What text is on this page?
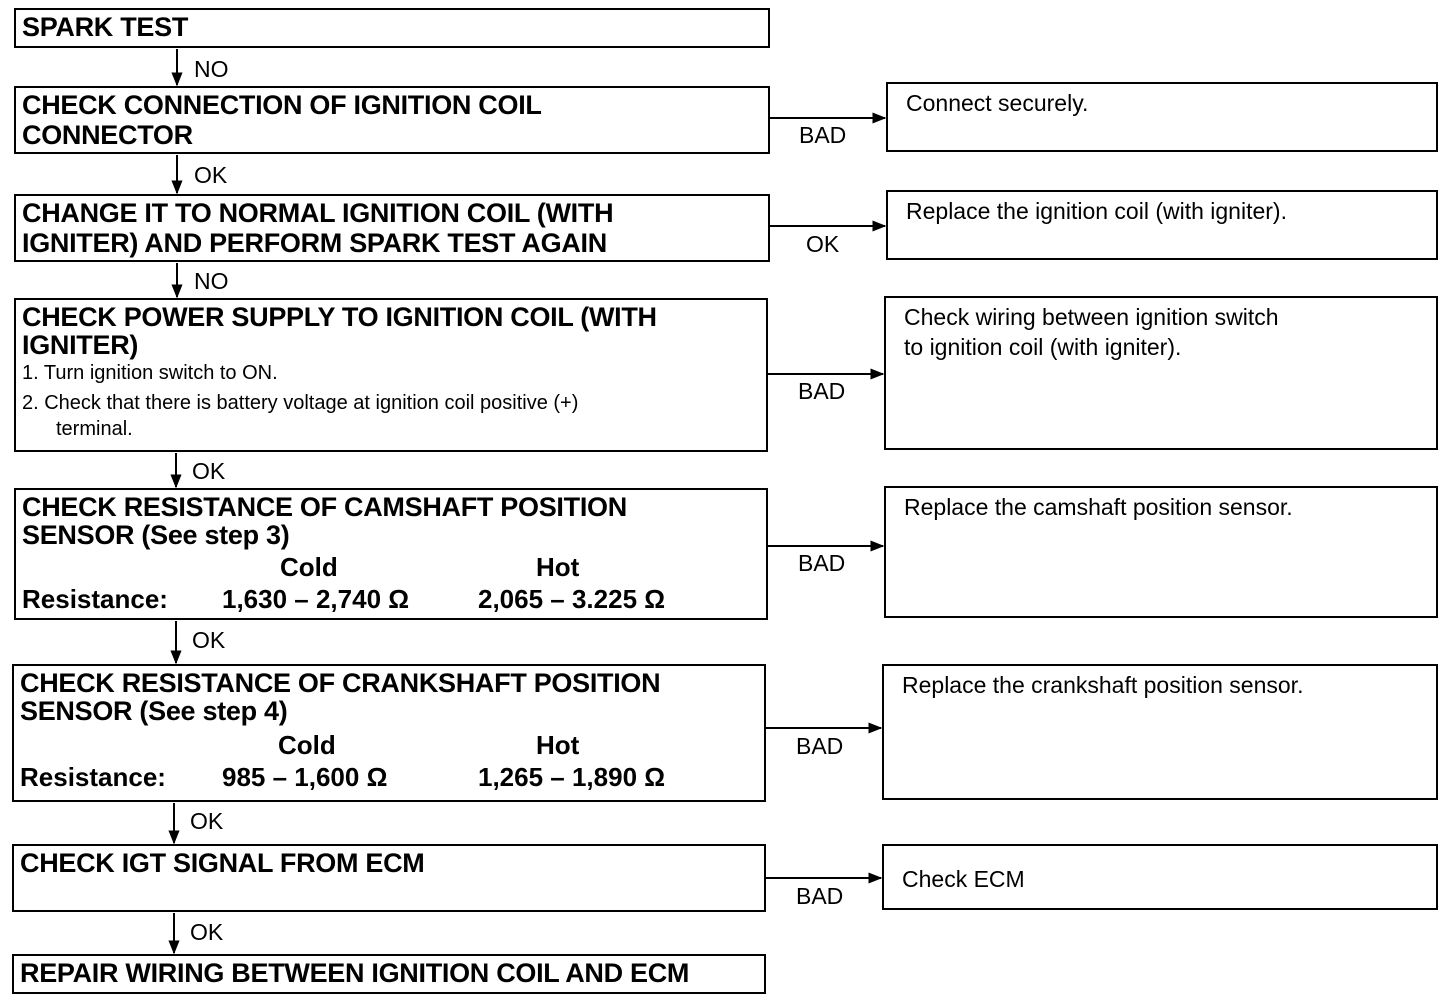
SPARK TEST
CHECK CONNECTION OF IGNITION COIL
CONNECTOR
CHANGE IT TO NORMAL IGNITION COIL (WITH
IGNITER) AND PERFORM SPARK TEST AGAIN
CHECK POWER SUPPLY TO IGNITION COIL (WITH
IGNITER)
1. Turn ignition switch to ON.
2. Check that there is battery voltage at ignition coil positive (+)
terminal.
CHECK RESISTANCE OF CAMSHAFT POSITION
SENSOR (See step 3)
Cold	Hot
Resistance: 1,630 – 2,740 Ω	2,065 – 3.225 Ω
CHECK RESISTANCE OF CRANKSHAFT POSITION
SENSOR (See step 4)
Cold	Hot
Resistance: 985 – 1,600 Ω	1,265 – 1,890 Ω
CHECK IGT SIGNAL FROM ECM
REPAIR WIRING BETWEEN IGNITION COIL AND ECM
Connect securely.
Replace the ignition coil (with igniter).
Check wiring between ignition switch
to ignition coil (with igniter).
Replace the camshaft position sensor.
Replace the crankshaft position sensor.
Check ECM
NO
OK
NO
OK
OK
OK
OK
BAD
OK
BAD
BAD
BAD
BAD
